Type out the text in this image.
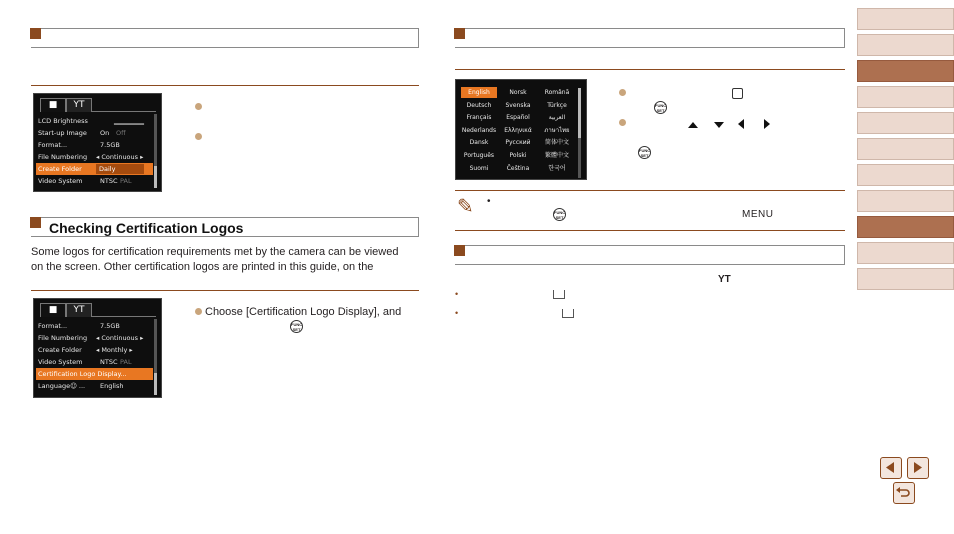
■	YT
LCD Brightness	▁▁▁▁▁▁
Start-up Image On Off
Format...	7.5GB
File Numbering ◂ Continuous ▸
Create Folder	Daily
Video System	NTSC PAL
Checking Certification Logos
Some logos for certification requirements met by the camera can be viewed
on the screen. Other certification logos are printed in this guide, on the
■	YT
Format...	7.5GB
File Numbering ◂ Continuous ▸
Create Folder ◂ Monthly ▸
Video System	NTSC PAL
Certification Logo Display...
Language☺ ... English
Choose [Certification Logo Display], and
FUNC SET
English	Norsk	Română
Deutsch	Svenska	Türkçe
Français	Español	العربية
Nederlands	Ελληνικά	ภาษาไทย
Dansk	Русский	简体中文
Português	Polski	繁體中文
Suomi	Čeština	한국어
FUNC SET
FUNC SET
✎ •
FUNC SET	MENU
YT
•
•
